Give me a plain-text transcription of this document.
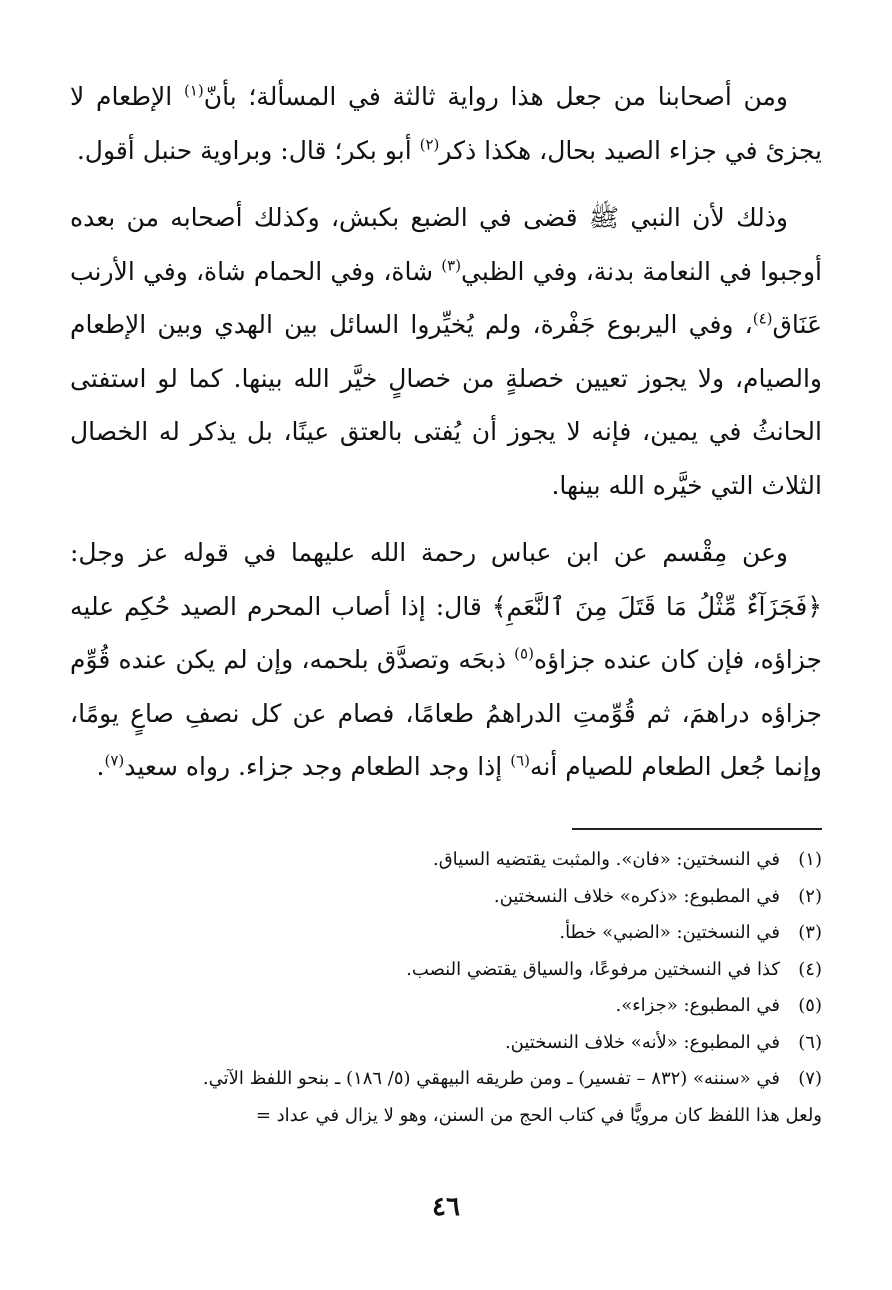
ومن أصحابنا من جعل هذا رواية ثالثة في المسألة؛ بأنّ$^{(١)}$ الإطعام لا يجزئ في جزاء الصيد بحال، هكذا ذكر$^{(٢)}$ أبو بكر؛ قال: وبراوية حنبل أقول.

وذلك لأن النبي ﷺ قضى في الضبع بكبش، وكذلك أصحابه من بعده أوجبوا في النعامة بدنة، وفي الظبي$^{(٣)}$ شاة، وفي الحمام شاة، وفي الأرنب عَنَاق$^{(٤)}$، وفي اليربوع جَفْرة، ولم يُخيِّروا السائل بين الهدي وبين الإطعام والصيام، ولا يجوز تعيين خصلةٍ من خصالٍ خيَّر الله بينها. كما لو استفتى الحانثُ في يمين، فإنه لا يجوز أن يُفتى بالعتق عينًا، بل يذكر له الخصال الثلاث التي خيَّره الله بينها.

وعن مِقْسم عن ابن عباس رحمة الله عليهما في قوله عز وجل: ﴿فَجَزَآءٌ مِّثْلُ مَا قَتَلَ مِنَ ٱلنَّعَمِ﴾ قال: إذا أصاب المحرم الصيد حُكِم عليه جزاؤه، فإن كان عنده جزاؤه$^{(٥)}$ ذبحَه وتصدَّق بلحمه، وإن لم يكن عنده قُوِّم جزاؤه دراهمَ، ثم قُوِّمتِ الدراهمُ طعامًا، فصام عن كل نصفِ صاعٍ يومًا، وإنما جُعل الطعام للصيام أنه$^{(٦)}$ إذا وجد الطعام وجد جزاء. رواه سعيد$^{(٧)}$.

(١)
في النسختين: «فان». والمثبت يقتضيه السياق.
(٢)
في المطبوع: «ذكره» خلاف النسختين.
(٣)
في النسختين: «الضبي» خطأ.
(٤)
كذا في النسختين مرفوعًا، والسياق يقتضي النصب.
(٥)
في المطبوع: «جزاء».
(٦)
في المطبوع: «لأنه» خلاف النسختين.
(٧)
في «سننه» (٨٣٢ – تفسير) ـ ومن طريقه البيهقي (٥/ ١٨٦) ـ بنحو اللفظ الآتي.
ولعل هذا اللفظ كان مرويًّا في كتاب الحج من السنن، وهو لا يزال في عداد =
٤٦
